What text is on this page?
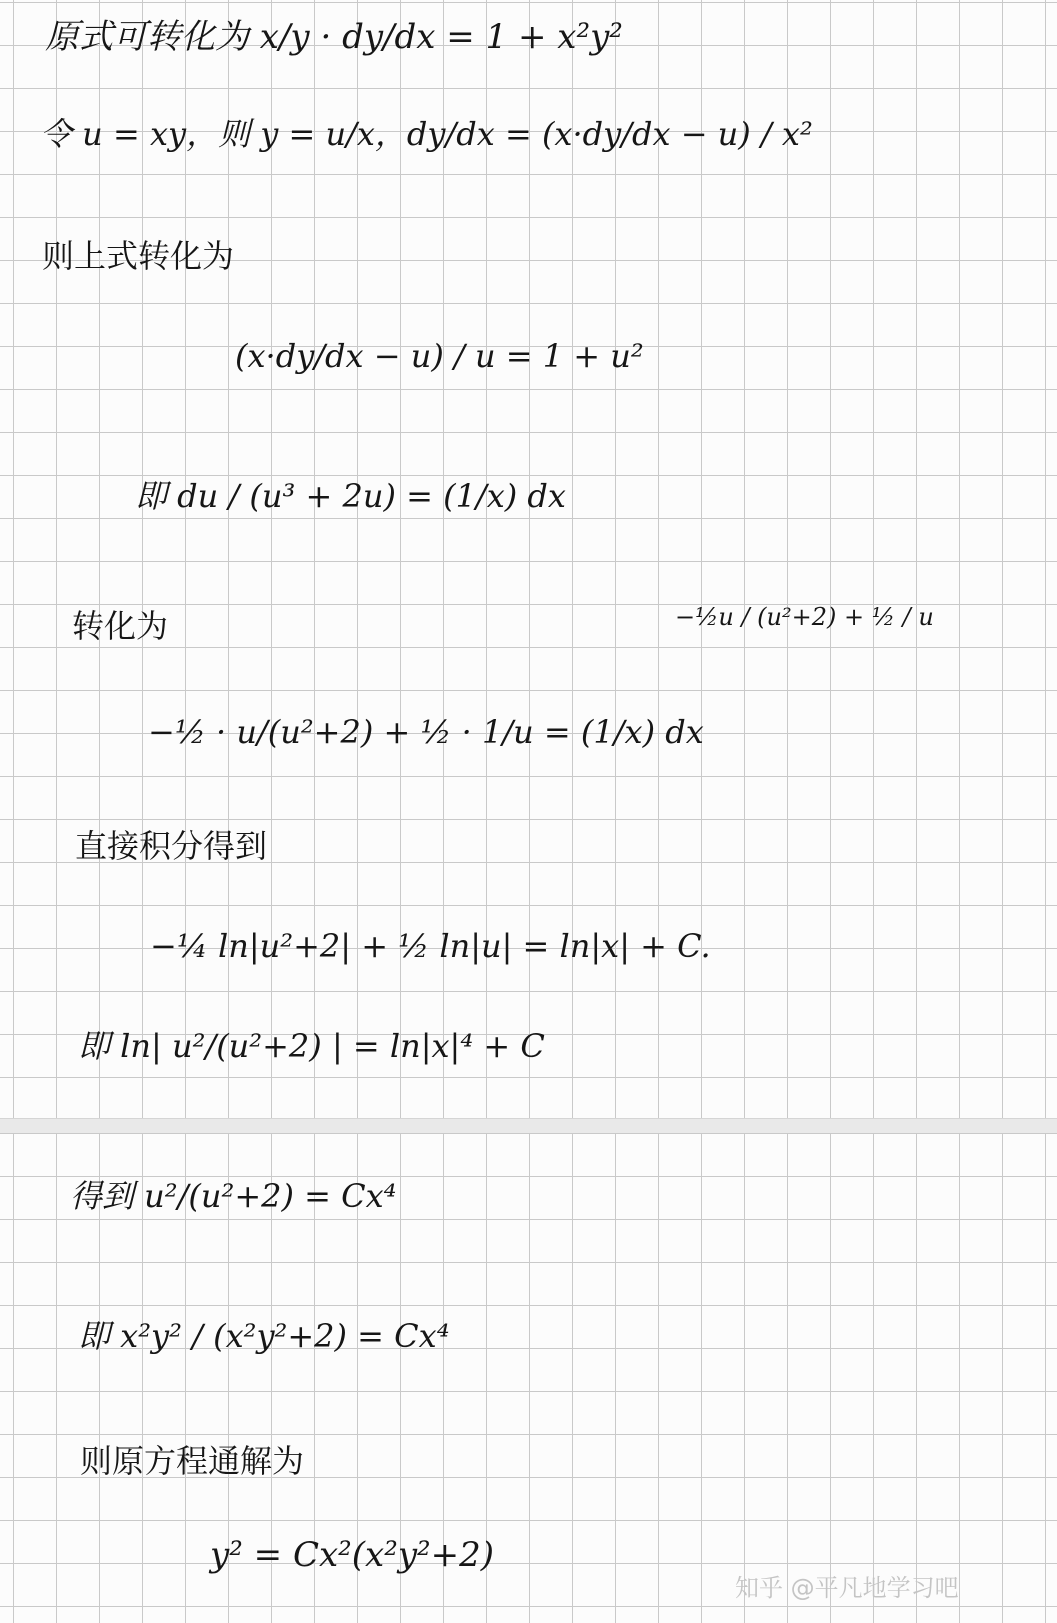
原式可转化为 x/y · dy/dx = 1 + x²y²
令 u = xy，则 y = u/x，dy/dx = (x·dy/dx − u) / x²
则上式转化为
(x·dy/dx − u) / u = 1 + u²
即 du / (u³ + 2u) = (1/x) dx
转化为	−½u / (u²+2) + ½ / u
−½ · u/(u²+2) + ½ · 1/u = (1/x) dx
直接积分得到
−¼ ln|u²+2| + ½ ln|u| = ln|x| + C.
即 ln| u²/(u²+2) | = ln|x|⁴ + C
得到 u²/(u²+2) = Cx⁴
即 x²y² / (x²y²+2) = Cx⁴
则原方程通解为
y² = Cx²(x²y²+2)
知乎 @平凡地学习吧
